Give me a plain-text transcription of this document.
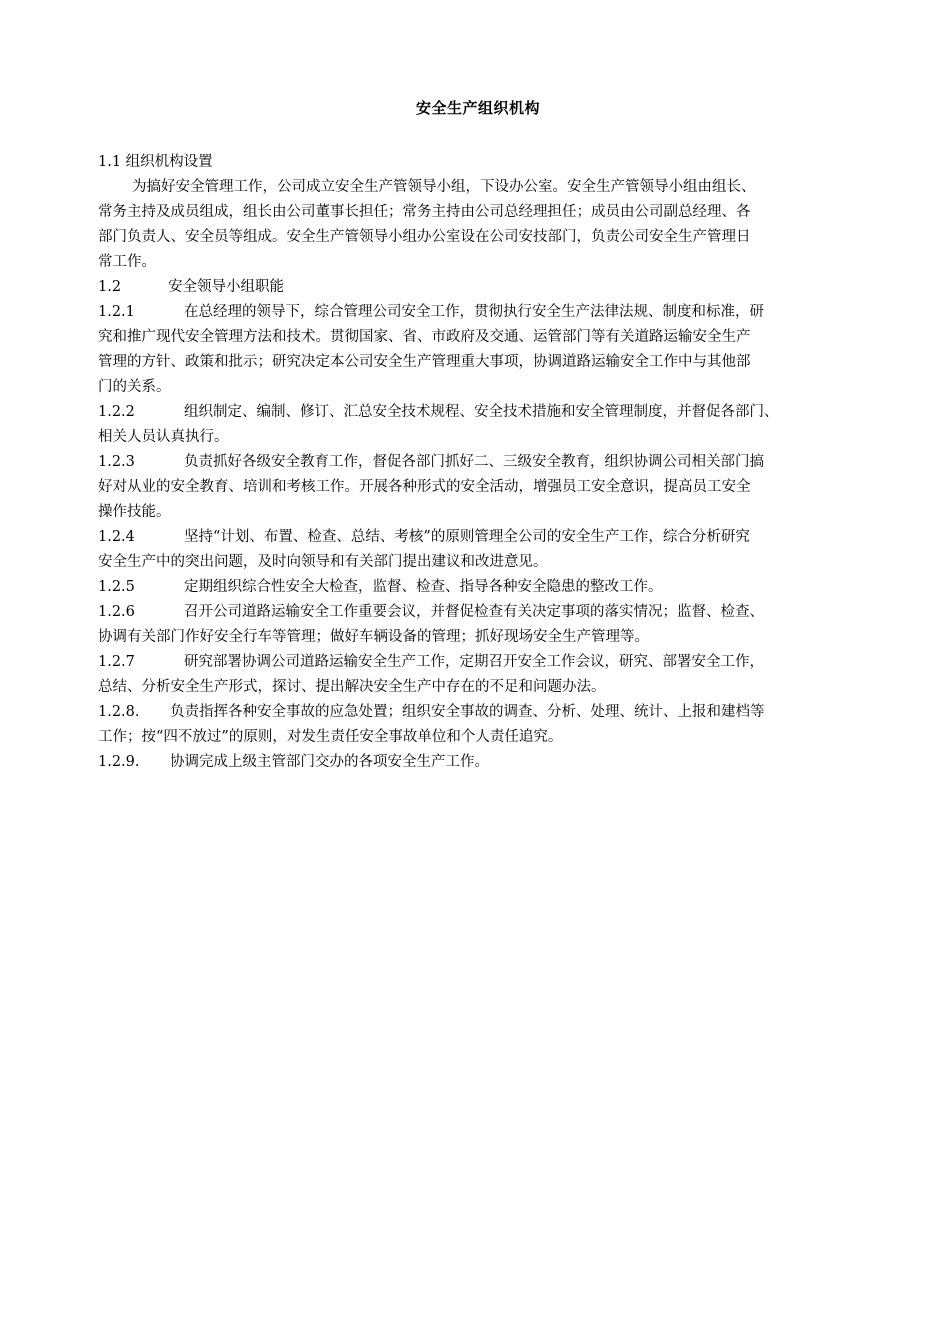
安全生产组织机构
1.1 组织机构设置
为搞好安全管理工作，公司成立安全生产管领导小组，下设办公室。安全生产管领导小组由组长、
常务主持及成员组成，组长由公司董事长担任；常务主持由公司总经理担任；成员由公司副总经理、各
部门负责人、安全员等组成。安全生产管领导小组办公室设在公司安技部门，负责公司安全生产管理日
常工作。
1.2	安全领导小组职能
1.2.1	在总经理的领导下，综合管理公司安全工作，贯彻执行安全生产法律法规、制度和标准，研
究和推广现代安全管理方法和技术。贯彻国家、省、市政府及交通、运管部门等有关道路运输安全生产
管理的方针、政策和批示；研究决定本公司安全生产管理重大事项，协调道路运输安全工作中与其他部
门的关系。
1.2.2	组织制定、编制、修订、汇总安全技术规程、安全技术措施和安全管理制度，并督促各部门、
相关人员认真执行。
1.2.3	负责抓好各级安全教育工作，督促各部门抓好二、三级安全教育，组织协调公司相关部门搞
好对从业的安全教育、培训和考核工作。开展各种形式的安全活动，增强员工安全意识，提高员工安全
操作技能。
1.2.4	坚持“计划、布置、检查、总结、考核”的原则管理全公司的安全生产工作，综合分析研究
安全生产中的突出问题，及时向领导和有关部门提出建议和改进意见。
1.2.5	定期组织综合性安全大检查，监督、检查、指导各种安全隐患的整改工作。
1.2.6	召开公司道路运输安全工作重要会议，并督促检查有关决定事项的落实情况；监督、检查、
协调有关部门作好安全行车等管理；做好车辆设备的管理；抓好现场安全生产管理等。
1.2.7	研究部署协调公司道路运输安全生产工作，定期召开安全工作会议，研究、部署安全工作，
总结、分析安全生产形式，探讨、提出解决安全生产中存在的不足和问题办法。
1.2.8. 负责指挥各种安全事故的应急处置；组织安全事故的调查、分析、处理、统计、上报和建档等
工作；按“四不放过”的原则，对发生责任安全事故单位和个人责任追究。
1.2.9. 协调完成上级主管部门交办的各项安全生产工作。
